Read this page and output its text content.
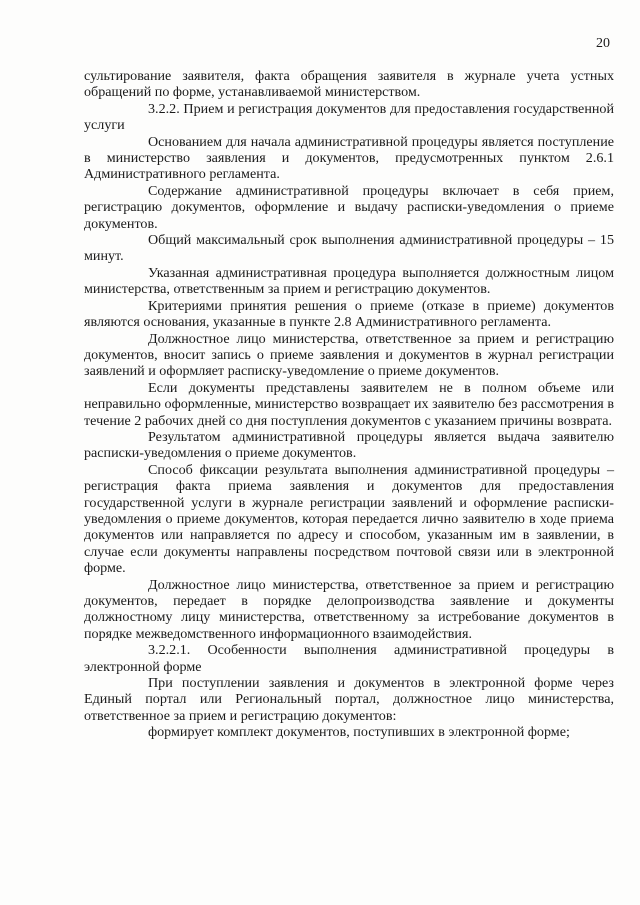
20

сультирование заявителя, факта обращения заявителя в журнале учета устных обращений по форме, устанавливаемой министерством.

3.2.2. Прием и регистрация документов для предоставления государственной услуги

Основанием для начала административной процедуры является поступление в министерство заявления и документов, предусмотренных пунктом 2.6.1 Административного регламента.

Содержание административной процедуры включает в себя прием, регистрацию документов, оформление и выдачу расписки-уведомления о приеме документов.

Общий максимальный срок выполнения административной процедуры – 15 минут.

Указанная административная процедура выполняется должностным лицом министерства, ответственным за прием и регистрацию документов.

Критериями принятия решения о приеме (отказе в приеме) документов являются основания, указанные в пункте 2.8 Административного регламента.

Должностное лицо министерства, ответственное за прием и регистрацию документов, вносит запись о приеме заявления и документов в журнал регистрации заявлений и оформляет расписку-уведомление о приеме документов.

Если документы представлены заявителем не в полном объеме или неправильно оформленные, министерство возвращает их заявителю без рассмотрения в течение 2 рабочих дней со дня поступления документов с указанием причины возврата.

Результатом административной процедуры является выдача заявителю расписки-уведомления о приеме документов.

Способ фиксации результата выполнения административной процедуры – регистрация факта приема заявления и документов для предоставления государственной услуги в журнале регистрации заявлений и оформление расписки-уведомления о приеме документов, которая передается лично заявителю в ходе приема документов или направляется по адресу и способом, указанным им в заявлении, в случае если документы направлены посредством почтовой связи или в электронной форме.

Должностное лицо министерства, ответственное за прием и регистрацию документов, передает в порядке делопроизводства заявление и документы должностному лицу министерства, ответственному за истребование документов в порядке межведомственного информационного взаимодействия.

3.2.2.1. Особенности выполнения административной процедуры в электронной форме

При поступлении заявления и документов в электронной форме через Единый портал или Региональный портал, должностное лицо министерства, ответственное за прием и регистрацию документов:

формирует комплект документов, поступивших в электронной форме;
